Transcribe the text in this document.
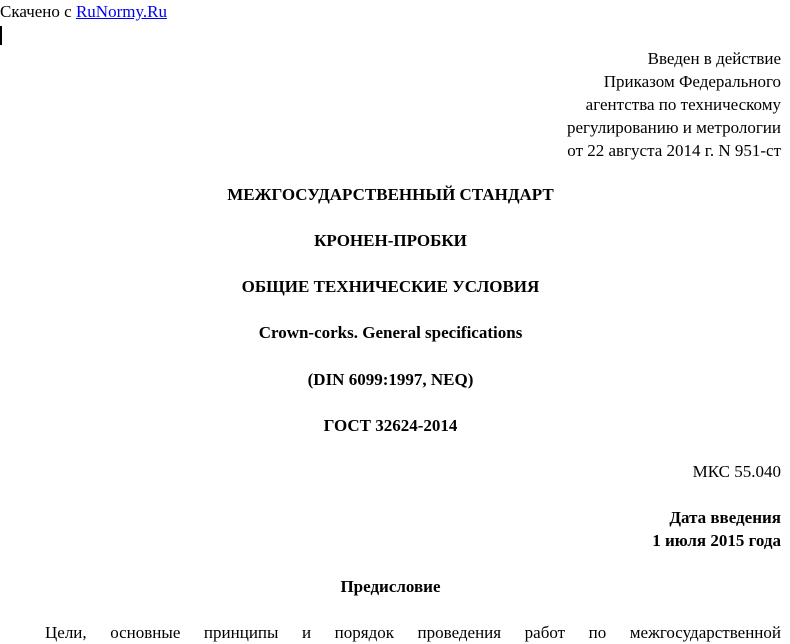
Скачено с RuNormy.Ru
Введен в действие
Приказом Федерального
агентства по техническому
регулированию и метрологии
от 22 августа 2014 г. N 951-ст
МЕЖГОСУДАРСТВЕННЫЙ СТАНДАРТ
КРОНЕН-ПРОБКИ
ОБЩИЕ ТЕХНИЧЕСКИЕ УСЛОВИЯ
Crown-corks. General specifications
(DIN 6099:1997, NEQ)
ГОСТ 32624-2014
МКС 55.040
Дата введения
1 июля 2015 года
Предисловие
Цели, основные принципы и порядок проведения работ по межгосударственной
